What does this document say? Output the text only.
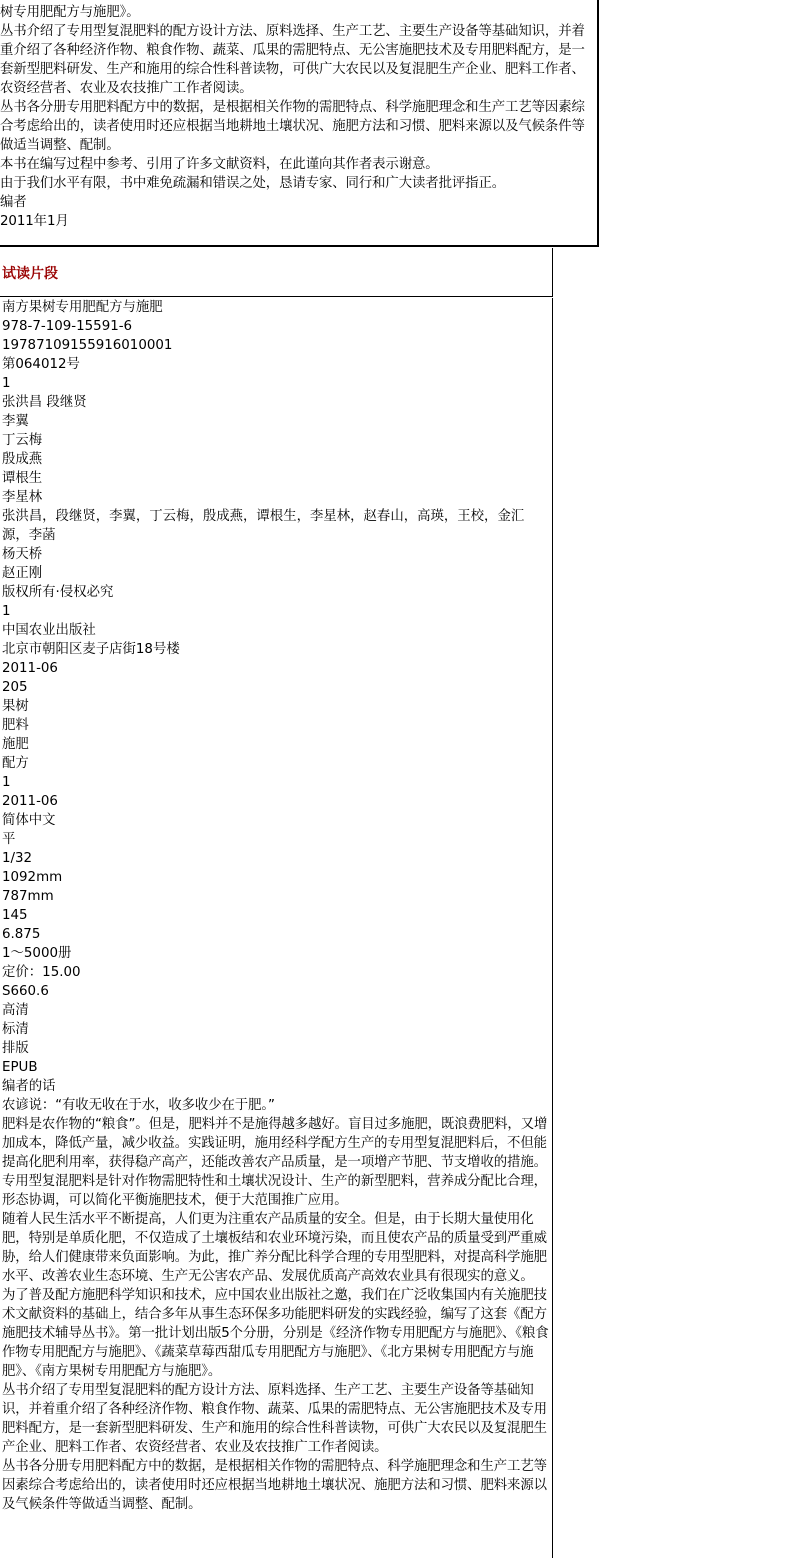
树专用肥配方与施肥》。
丛书介绍了专用型复混肥料的配方设计方法、原料选择、生产工艺、主要生产设备等基础知识，并着重介绍了各种经济作物、粮食作物、蔬菜、瓜果的需肥特点、无公害施肥技术及专用肥料配方，是一套新型肥料研发、生产和施用的综合性科普读物，可供广大农民以及复混肥生产企业、肥料工作者、农资经营者、农业及农技推广工作者阅读。
丛书各分册专用肥料配方中的数据，是根据相关作物的需肥特点、科学施肥理念和生产工艺等因素综合考虑给出的，读者使用时还应根据当地耕地土壤状况、施肥方法和习惯、肥料来源以及气候条件等做适当调整、配制。
本书在编写过程中参考、引用了许多文献资料，在此谨向其作者表示谢意。
由于我们水平有限，书中难免疏漏和错误之处，恳请专家、同行和广大读者批评指正。
编者
2011年1月
试读片段
南方果树专用肥配方与施肥
978-7-109-15591-6
19787109155916010001
第064012号
1
张洪昌 段继贤
李翼
丁云梅
殷成燕
谭根生
李星林
张洪昌，段继贤，李翼，丁云梅，殷成燕，谭根生，李星林，赵春山，高瑛，王校，金汇
源，李菡
杨天桥
赵正刚
版权所有·侵权必究
1
中国农业出版社
北京市朝阳区麦子店街18号楼
2011-06
205
果树
肥料
施肥
配方
1
2011-06
简体中文
平
1/32
1092mm
787mm
145
6.875
1～5000册
定价：15.00
S660.6
高清
标清
排版
EPUB
编者的话
农谚说：“有收无收在于水，收多收少在于肥。”
肥料是农作物的“粮食”。但是，肥料并不是施得越多越好。盲目过多施肥，既浪费肥料，又增加成本，降低产量，减少收益。实践证明，施用经科学配方生产的专用型复混肥料后，不但能提高化肥利用率，获得稳产高产，还能改善农产品质量，是一项增产节肥、节支增收的措施。
专用型复混肥料是针对作物需肥特性和土壤状况设计、生产的新型肥料，营养成分配比合理，形态协调，可以简化平衡施肥技术，便于大范围推广应用。
随着人民生活水平不断提高，人们更为注重农产品质量的安全。但是，由于长期大量使用化肥，特别是单质化肥，不仅造成了土壤板结和农业环境污染，而且使农产品的质量受到严重威胁，给人们健康带来负面影响。为此，推广养分配比科学合理的专用型肥料，对提高科学施肥水平、改善农业生态环境、生产无公害农产品、发展优质高产高效农业具有很现实的意义。
为了普及配方施肥科学知识和技术，应中国农业出版社之邀，我们在广泛收集国内有关施肥技术文献资料的基础上，结合多年从事生态环保多功能肥料研发的实践经验，编写了这套《配方施肥技术辅导丛书》。第一批计划出版5个分册，分别是《经济作物专用肥配方与施肥》、《粮食作物专用肥配方与施肥》、《蔬菜草莓西甜瓜专用肥配方与施肥》、《北方果树专用肥配方与施肥》、《南方果树专用肥配方与施肥》。
丛书介绍了专用型复混肥料的配方设计方法、原料选择、生产工艺、主要生产设备等基础知识，并着重介绍了各种经济作物、粮食作物、蔬菜、瓜果的需肥特点、无公害施肥技术及专用肥料配方，是一套新型肥料研发、生产和施用的综合性科普读物，可供广大农民以及复混肥生产企业、肥料工作者、农资经营者、农业及农技推广工作者阅读。
丛书各分册专用肥料配方中的数据，是根据相关作物的需肥特点、科学施肥理念和生产工艺等因素综合考虑给出的，读者使用时还应根据当地耕地土壤状况、施肥方法和习惯、肥料来源以及气候条件等做适当调整、配制。
